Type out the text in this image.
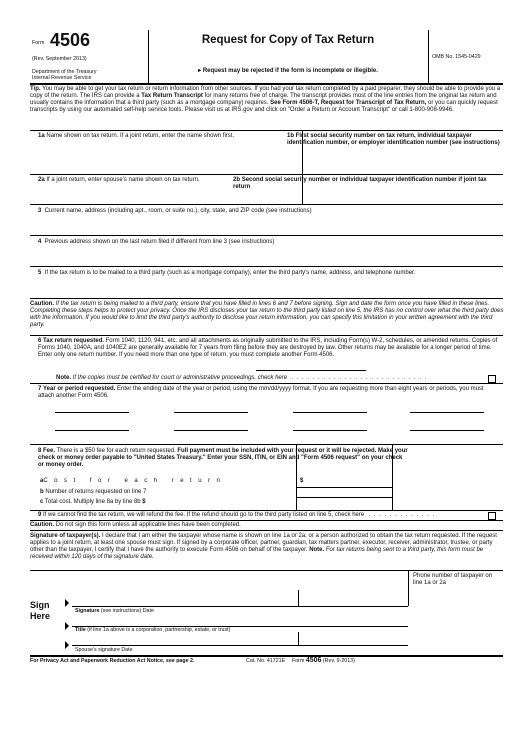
Form 4506
(Rev. September 2013)
Department of the Treasury
Internal Revenue Service
Request for Copy of Tax Return
▸ Request may be rejected if the form is incomplete or illegible.
OMB No. 1545-0429
Tip. You may be able to get your tax return or return information from other sources. If you had your tax return completed by a paid preparer, they should be able to provide you a copy of the return. The IRS can provide a Tax Return Transcript for many returns free of charge. The transcript provides most of the line entries from the original tax return and usually contains the information that a third party (such as a mortgage company) requires. See Form 4506-T, Request for Transcript of Tax Return, or you can quickly request transcripts by using our automated self-help service tools. Please visit us at IRS.gov and click on "Order a Return or Account Transcript" or call 1-800-908-9946.
1a Name shown on tax return. If a joint return, enter the name shown first.	1b First social security number on tax return, individual taxpayer identification number, or employer identification number (see instructions)
2a If a joint return, enter spouse's name shown on tax return.	2b Second social security number or individual taxpayer identification number if joint tax return
3 Current name, address (including apt., room, or suite no.), city, state, and ZIP code (see instructions)
4 Previous address shown on the last return filed if different from line 3 (see instructions)
5 If the tax return is to be mailed to a third party (such as a mortgage company), enter the third party's name, address, and telephone number.
Caution. If the tax return is being mailed to a third party, ensure that you have filled in lines 6 and 7 before signing. Sign and date the form once you have filled in these lines. Completing these steps helps to protect your privacy. Once the IRS discloses your tax return to the third party listed on line 5, the IRS has no control over what the third party does with the information. If you would like to limit the third party's authority to disclose your return information, you can specify this limitation in your written agreement with the third party.
6 Tax return requested. Form 1040, 1120, 941, etc. and all attachments as originally submitted to the IRS, including Form(s) W-2, schedules, or amended returns. Copies of Forms 1040, 1040A, and 1040EZ are generally available for 7 years from filing before they are destroyed by law. Other returns may be available for a longer period of time. Enter only one return number. If you need more than one type of return, you must complete another Form 4506.
Note. If the copies must be certified for court or administrative proceedings, check here  . . . . . . . . . . . . . . . . . . . . . . . . . .
7 Year or period requested. Enter the ending date of the year or period, using the mm/dd/yyyy format. If you are requesting more than eight years or periods, you must attach another Form 4506.
8 Fee. There is a $50 fee for each return requested. Full payment must be included with your request or it will be rejected. Make your check or money order payable to "United States Treasury." Enter your SSN, ITIN, or EIN and "Form 4506 request" on your check or money order.
aCost for each return	$
b Number of returns requested on line 7
c Total cost. Multiply line 8a by line 8b $
9 If we cannot find the tax return, we will refund the fee. If the refund should go to the third party listed on line 5, check here  . . . . . . . . . . . . .
Caution. Do not sign this form unless all applicable lines have been completed.
Signature of taxpayer(s). I declare that I am either the taxpayer whose name is shown on line 1a or 2a, or a person authorized to obtain the tax return requested. If the request applies to a joint return, at least one spouse must sign. If signed by a corporate officer, partner, guardian, tax matters partner, executor, receiver, administrator, trustee, or party other than the taxpayer, I certify that I have the authority to execute Form 4506 on behalf of the taxpayer. Note. For tax returns being sent to a third party, this form must be received within 120 days of the signature date.
Phone number of taxpayer on line 1a or 2a
Sign Here	Signature (see instructions) Date
Title (if line 1a above is a corporation, partnership, estate, or trust)
Spouse's signature Date
For Privacy Act and Paperwork Reduction Act Notice, see page 2.	Cat. No. 41721E Form 4506 (Rev. 9-2013)
